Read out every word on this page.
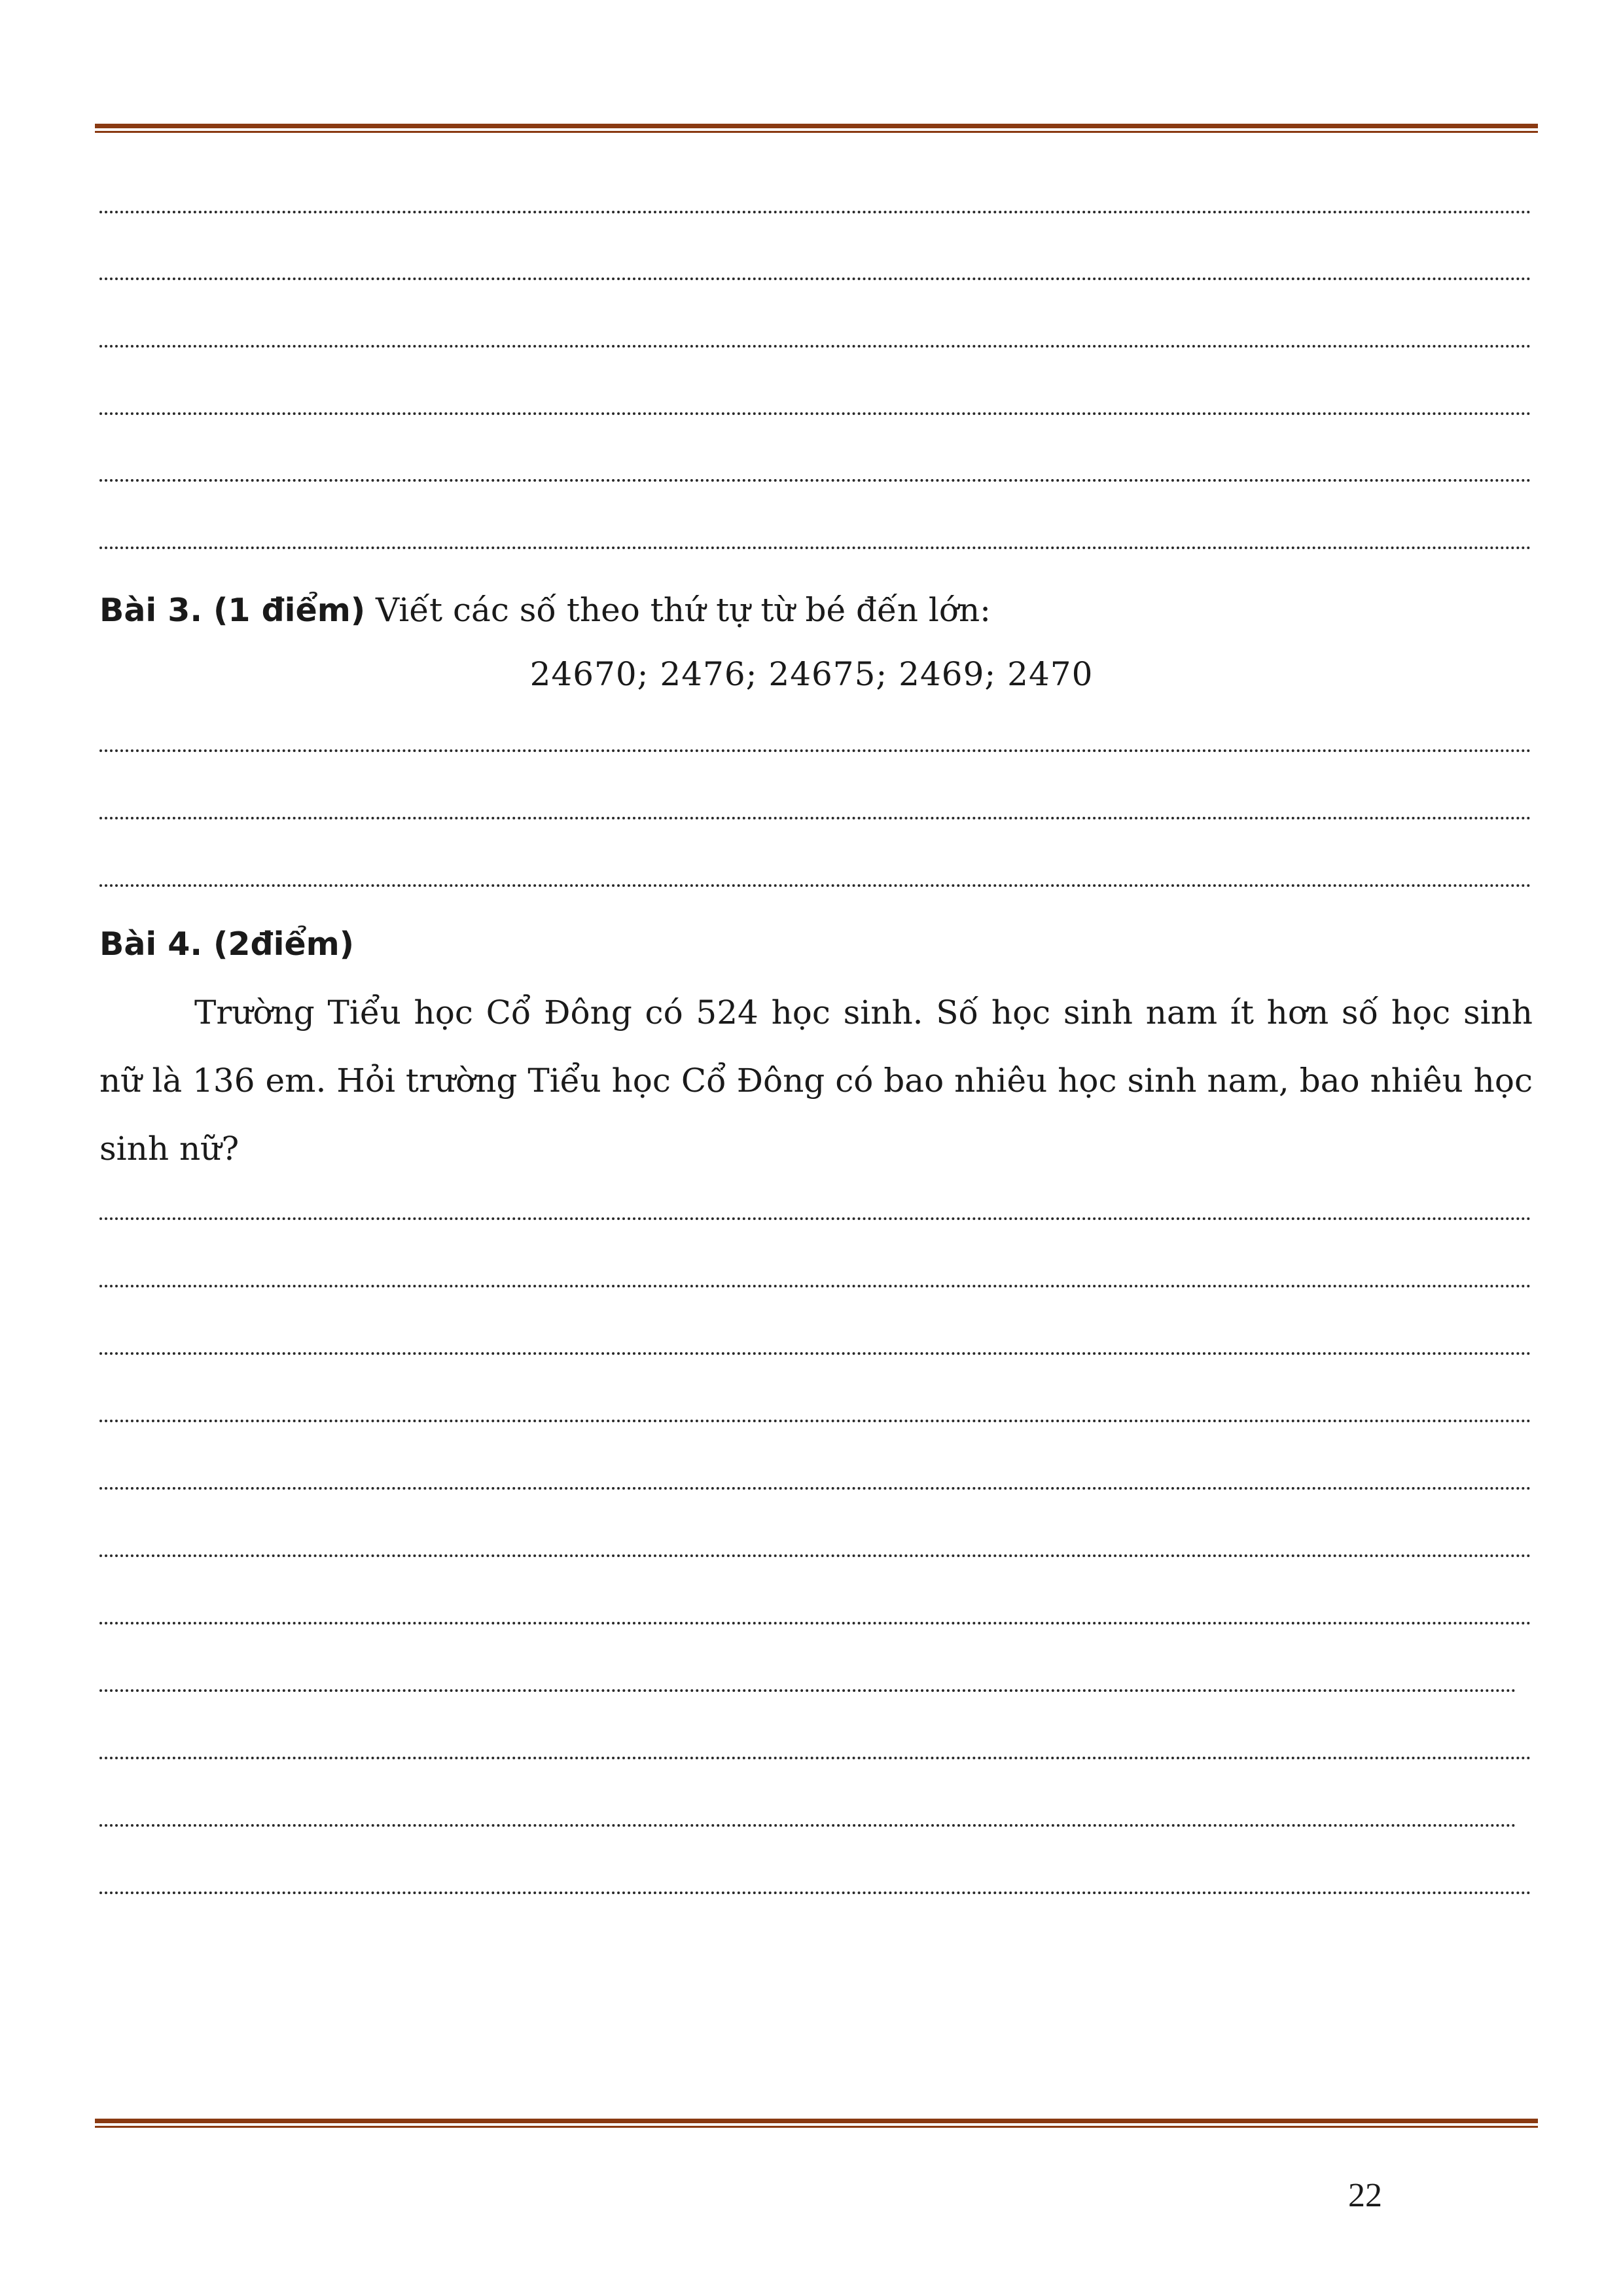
Bài 3. (1 điểm) Viết các số theo thứ tự từ bé đến lớn:
24670; 2476; 24675; 2469; 2470
Bài 4. (2điểm)
Trường Tiểu học Cổ Đông có 524 học sinh. Số học sinh nam ít hơn số học sinh nữ là 136 em. Hỏi trường Tiểu học Cổ Đông có bao nhiêu học sinh nam, bao nhiêu học sinh nữ?
22
